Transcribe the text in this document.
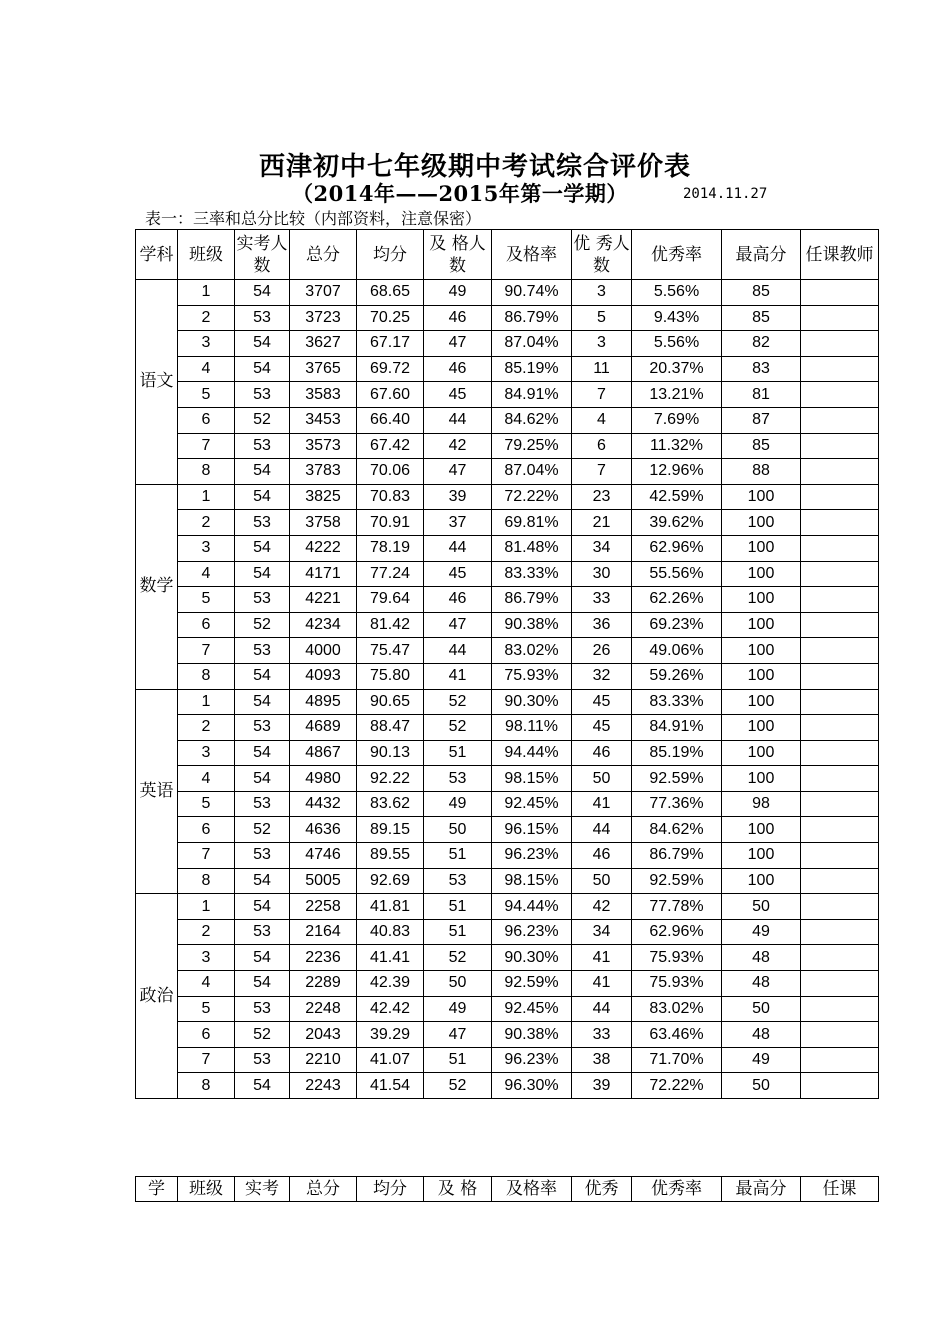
西津初中七年级期中考试综合评价表
（2014年——2015年第一学期）	2014.11.27
表一：三率和总分比较（内部资料，注意保密）
学科	班级	实考人数	总分	均分	及 格人 数	及格率	优 秀人数	优秀率	最高分	任课教师
语文	1	54	3707	68.65	49	90.74%	3	5.56%	85	
	2	53	3723	70.25	46	86.79%	5	9.43%	85	
	3	54	3627	67.17	47	87.04%	3	5.56%	82	
	4	54	3765	69.72	46	85.19%	11	20.37%	83	
	5	53	3583	67.60	45	84.91%	7	13.21%	81	
	6	52	3453	66.40	44	84.62%	4	7.69%	87	
	7	53	3573	67.42	42	79.25%	6	11.32%	85	
	8	54	3783	70.06	47	87.04%	7	12.96%	88	
数学	1	54	3825	70.83	39	72.22%	23	42.59%	100	
	2	53	3758	70.91	37	69.81%	21	39.62%	100	
	3	54	4222	78.19	44	81.48%	34	62.96%	100	
	4	54	4171	77.24	45	83.33%	30	55.56%	100	
	5	53	4221	79.64	46	86.79%	33	62.26%	100	
	6	52	4234	81.42	47	90.38%	36	69.23%	100	
	7	53	4000	75.47	44	83.02%	26	49.06%	100	
	8	54	4093	75.80	41	75.93%	32	59.26%	100	
英语	1	54	4895	90.65	52	90.30%	45	83.33%	100	
	2	53	4689	88.47	52	98.11%	45	84.91%	100	
	3	54	4867	90.13	51	94.44%	46	85.19%	100	
	4	54	4980	92.22	53	98.15%	50	92.59%	100	
	5	53	4432	83.62	49	92.45%	41	77.36%	98	
	6	52	4636	89.15	50	96.15%	44	84.62%	100	
	7	53	4746	89.55	51	96.23%	46	86.79%	100	
	8	54	5005	92.69	53	98.15%	50	92.59%	100	
政治	1	54	2258	41.81	51	94.44%	42	77.78%	50	
	2	53	2164	40.83	51	96.23%	34	62.96%	49	
	3	54	2236	41.41	52	90.30%	41	75.93%	48	
	4	54	2289	42.39	50	92.59%	41	75.93%	48	
	5	53	2248	42.42	49	92.45%	44	83.02%	50	
	6	52	2043	39.29	47	90.38%	33	63.46%	48	
	7	53	2210	41.07	51	96.23%	38	71.70%	49	
	8	54	2243	41.54	52	96.30%	39	72.22%	50	
学	班级	实考	总分	均分	及 格	及格率	优秀	优秀率	最高分	任课
